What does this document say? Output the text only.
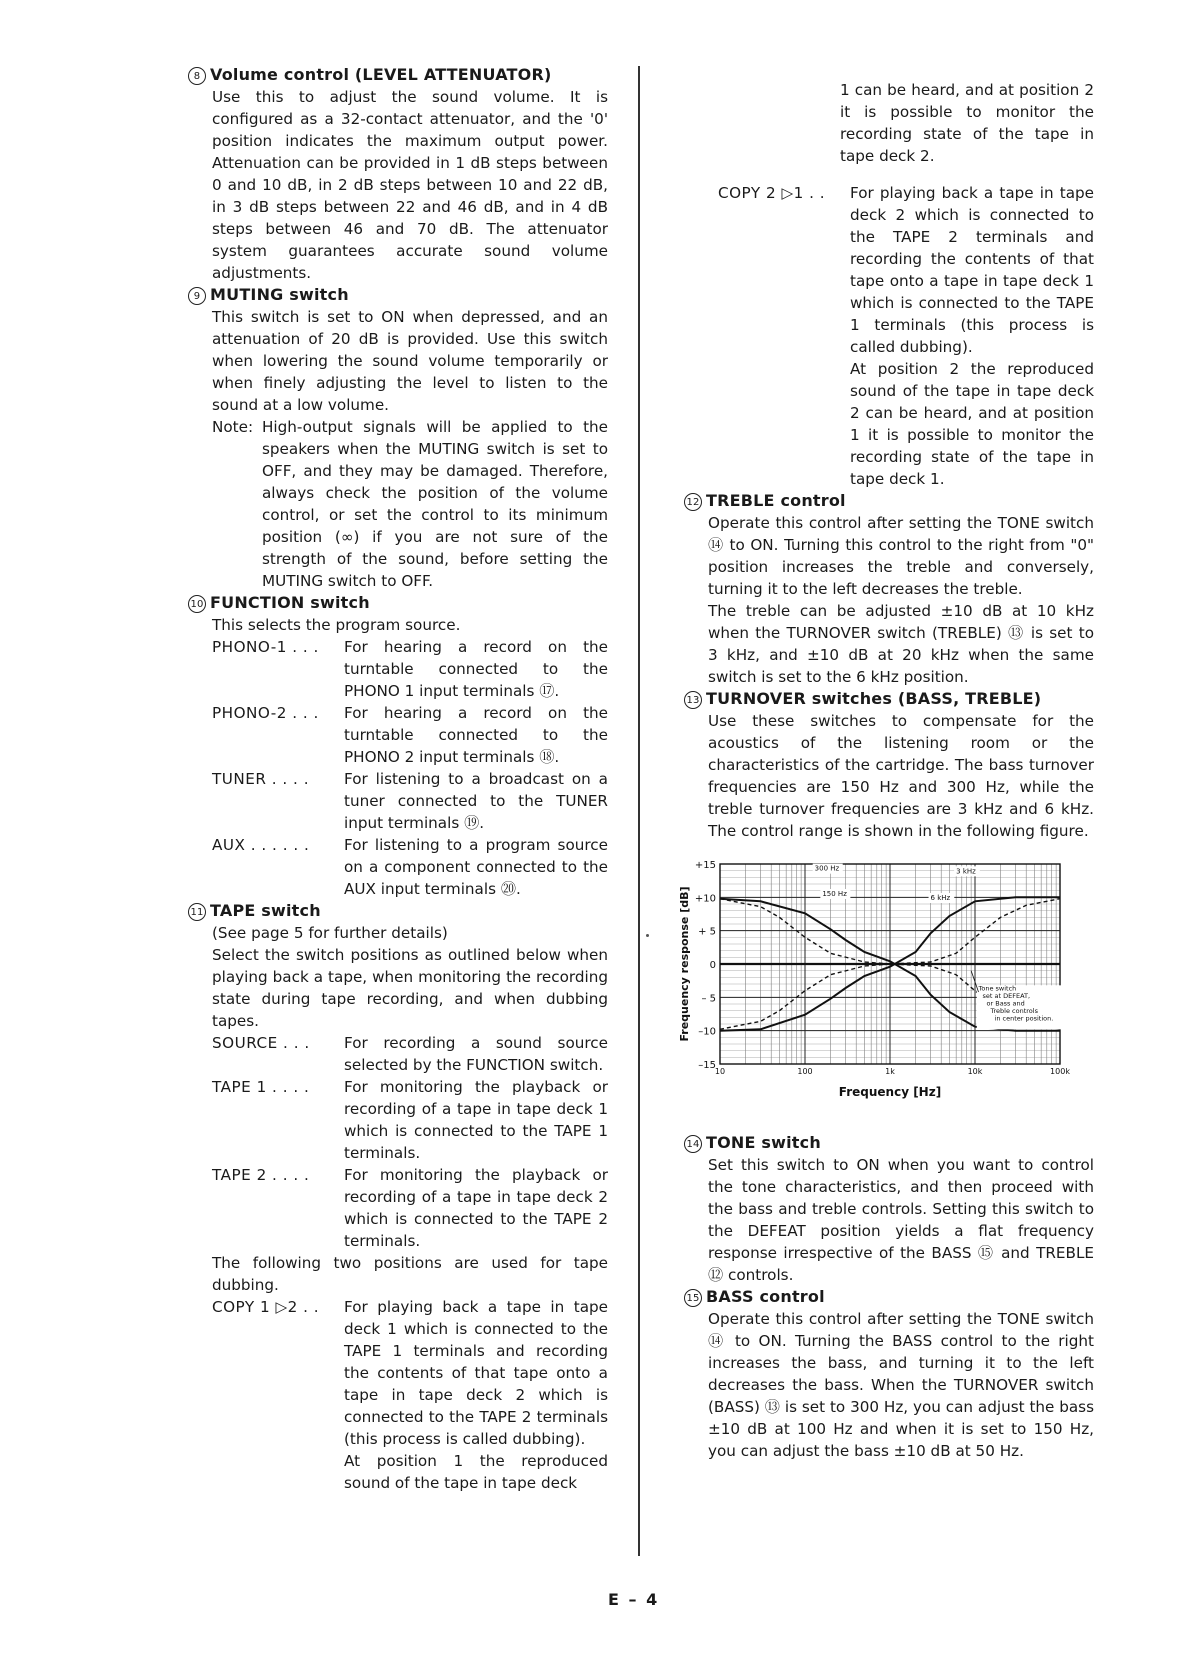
8 Volume control (LEVEL ATTENUATOR)

Use this to adjust the sound volume. It is configured as a 32-contact attenuator, and the '0' position indicates the maximum output power. Attenuation can be provided in 1 dB steps between 0 and 10 dB, in 2 dB steps between 10 and 22 dB, in 3 dB steps between 22 and 46 dB, and in 4 dB steps between 46 and 70 dB. The attenuator system guarantees accurate sound volume adjustments.

9 MUTING switch

This switch is set to ON when depressed, and an attenuation of 20 dB is provided. Use this switch when lowering the sound volume temporarily or when finely adjusting the level to listen to the sound at a low volume.

Note: High-output signals will be applied to the speakers when the MUTING switch is set to OFF, and they may be damaged. Therefore, always check the position of the volume control, or set the control to its minimum position (∞) if you are not sure of the strength of the sound, before setting the MUTING switch to OFF.

10 FUNCTION switch

This selects the program source.

PHONO-1 . . .	For hearing a record on the turntable connected to the PHONO 1 input terminals ⑰.
PHONO-2 . . .	For hearing a record on the turntable connected to the PHONO 2 input terminals ⑱.
TUNER . . . .	For listening to a broadcast on a tuner connected to the TUNER input terminals ⑲.
AUX . . . . . .	For listening to a program source on a component connected to the AUX input terminals ⑳.

11 TAPE switch

(See page 5 for further details)

Select the switch positions as outlined below when playing back a tape, when monitoring the recording state during tape recording, and when dubbing tapes.

SOURCE . . .	For recording a sound source selected by the FUNCTION switch.
TAPE 1 . . . .	For monitoring the playback or recording of a tape in tape deck 1 which is connected to the TAPE 1 terminals.
TAPE 2 . . . .	For monitoring the playback or recording of a tape in tape deck 2 which is connected to the TAPE 2 terminals.

The following two positions are used for tape dubbing.

COPY 1 ▷2 . .	For playing back a tape in tape deck 1 which is connected to the TAPE 1 terminals and recording the contents of that tape onto a tape in tape deck 2 which is connected to the TAPE 2 terminals (this process is called dubbing).
At position 1 the reproduced sound of the tape in tape deck

1 can be heard, and at position 2 it is possible to monitor the recording state of the tape in tape deck 2.

COPY 2 ▷1 . .	For playing back a tape in tape deck 2 which is connected to the TAPE 2 terminals and recording the contents of that tape onto a tape in tape deck 1 which is connected to the TAPE 1 terminals (this process is called dubbing).
At position 2 the reproduced sound of the tape in tape deck 2 can be heard, and at position 1 it is possible to monitor the recording state of the tape in tape deck 1.

12 TREBLE control

Operate this control after setting the TONE switch ⑭ to ON. Turning this control to the right from "0" position increases the treble and conversely, turning it to the left decreases the treble.

The treble can be adjusted ±10 dB at 10 kHz when the TURNOVER switch (TREBLE) ⑬ is set to 3 kHz, and ±10 dB at 20 kHz when the same switch is set to the 6 kHz position.

13 TURNOVER switches (BASS, TREBLE)

Use these switches to compensate for the acoustics of the listening room or the characteristics of the cartridge. The bass turnover frequencies are 150 Hz and 300 Hz, while the treble turnover frequencies are 3 kHz and 6 kHz. The control range is shown in the following figure.

+15
+10
+ 5
0
– 5
–10
–15
10	100	1k	10k	100k
Frequency [Hz]
Frequency response [dB]
300 Hz
150 Hz
3 kHz
6 kHz
Tone switch set at DEFEAT, or Bass and Treble controls in center position.

14 TONE switch

Set this switch to ON when you want to control the tone characteristics, and then proceed with the bass and treble controls. Setting this switch to the DEFEAT position yields a flat frequency response irrespective of the BASS ⑮ and TREBLE ⑫ controls.

15 BASS control

Operate this control after setting the TONE switch ⑭ to ON. Turning the BASS control to the right increases the bass, and turning it to the left decreases the bass. When the TURNOVER switch (BASS) ⑬ is set to 300 Hz, you can adjust the bass ±10 dB at 100 Hz and when it is set to 150 Hz, you can adjust the bass ±10 dB at 50 Hz.

E – 4
